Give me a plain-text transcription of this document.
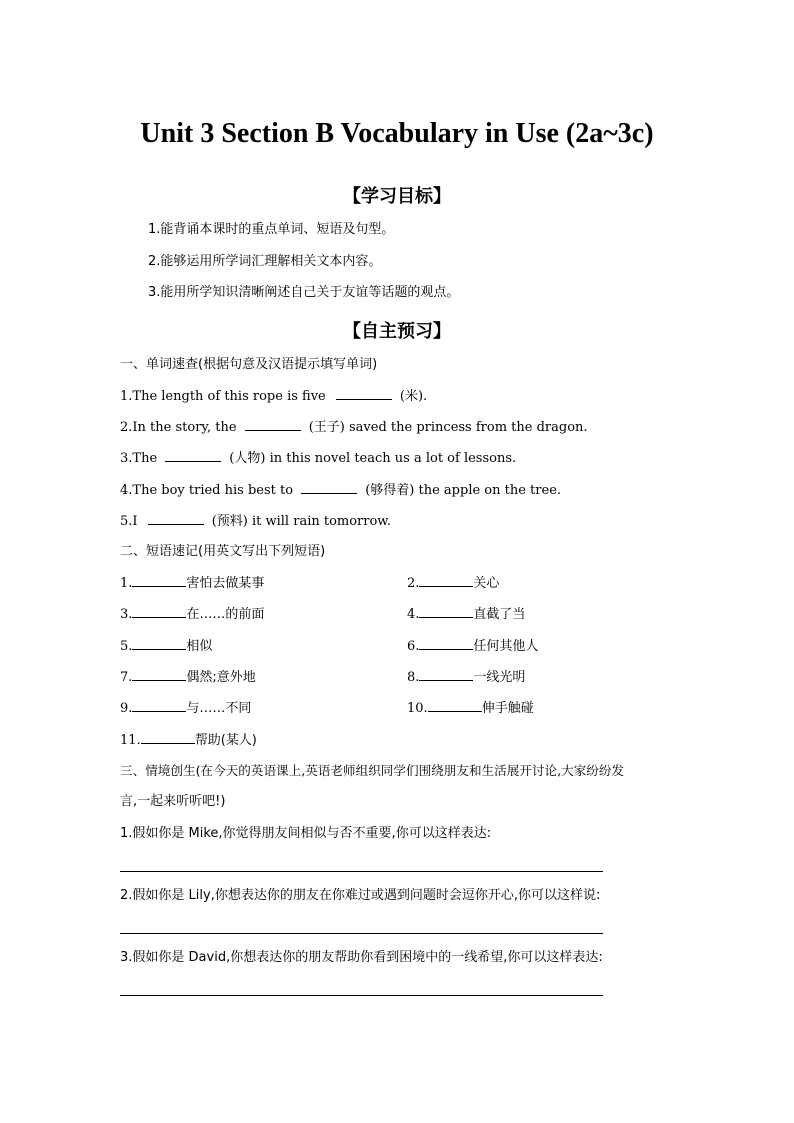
Unit 3 Section B Vocabulary in Use (2a~3c)
【学习目标】
1.能背诵本课时的重点单词、短语及句型。
2.能够运用所学词汇理解相关文本内容。
3.能用所学知识清晰阐述自己关于友谊等话题的观点。
【自主预习】
一、单词速查(根据句意及汉语提示填写单词)
1.The length of this rope is five	(米).
2.In the story, the	(王子) saved the princess from the dragon.
3.The	(人物) in this novel teach us a lot of lessons.
4.The boy tried his best to	(够得着) the apple on the tree.
5.I	(预料) it will rain tomorrow.
二、短语速记(用英文写出下列短语)
1.	害怕去做某事	2.	关心
3.	在……的前面	4.	直截了当
5.	相似	6.	任何其他人
7.	偶然;意外地	8.	一线光明
9.	与……不同	10.	伸手触碰
11.	帮助(某人)
三、情境创生(在今天的英语课上,英语老师组织同学们围绕朋友和生活展开讨论,大家纷纷发
言,一起来听听吧!)
1.假如你是 Mike,你觉得朋友间相似与否不重要,你可以这样表达:
2.假如你是 Lily,你想表达你的朋友在你难过或遇到问题时会逗你开心,你可以这样说:
3.假如你是 David,你想表达你的朋友帮助你看到困境中的一线希望,你可以这样表达:
